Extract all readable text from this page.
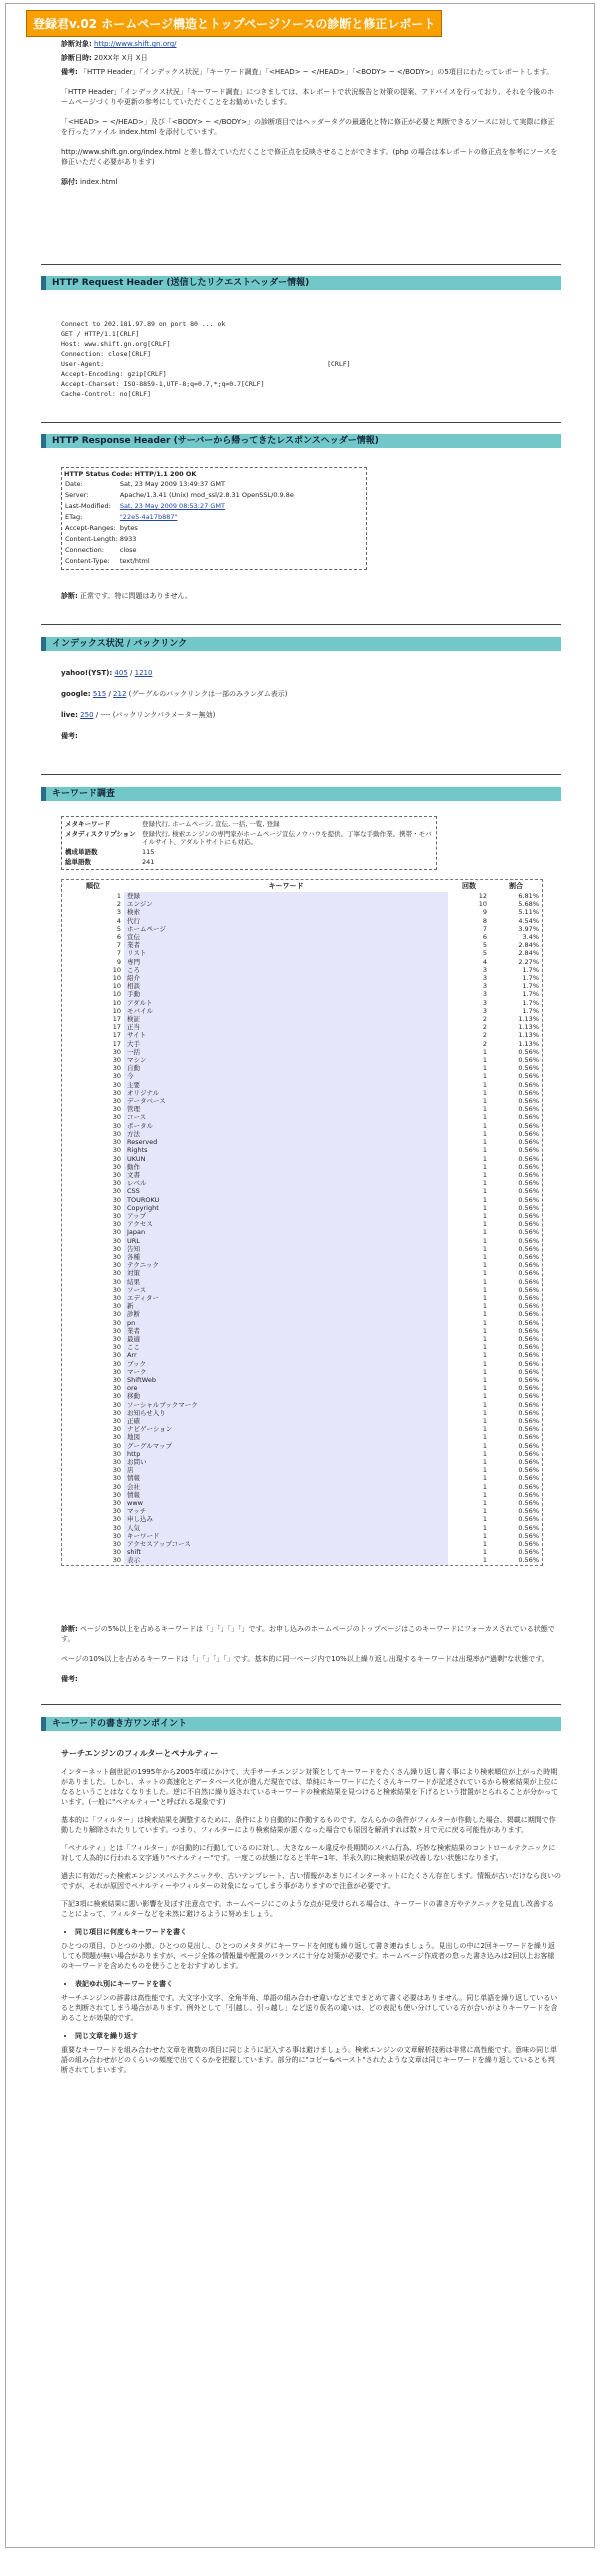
登録君v.02 ホームページ構造とトップページソースの診断と修正レポート
診断対象: http://www.shift.gn.org/
診断日時: 20XX年 X月 X日
備考: 「HTTP Header」「インデックス状況」「キーワード調査」「<HEAD> ~ </HEAD>」「<BODY> ~ </BODY>」の5項目にわたってレポートします。
「HTTP Header」「インデックス状況」「キーワード調査」につきましては、本レポートで状況報告と対策の提案、アドバイスを行っており、それを今後のホームページづくりや更新の参考にしていただくことをお勧めいたします。
「<HEAD> ~ </HEAD>」及び「<BODY> ~ </BODY>」の診断項目ではヘッダータグの最適化と特に修正が必要と判断できるソースに対して実際に修正を行ったファイル index.html を添付しています。
http://www.shift.gn.org/index.html と差し替えていただくことで修正点を反映させることができます。(php の場合は本レポートの修正点を参考にソースを修正いただく必要があります)
添付: index.html
HTTP Request Header (送信したリクエストヘッダー情報)
Connect to 202.181.97.89 on port 80 ... ok
GET / HTTP/1.1[CRLF]
Host: www.shift.gn.org[CRLF]
Connection: close[CRLF]
User-Agent:                                                         [CRLF]
Accept-Encoding: gzip[CRLF]
Accept-Charset: ISO-8859-1,UTF-8;q=0.7,*;q=0.7[CRLF]
Cache-Control: no[CRLF]
HTTP Response Header (サーバーから帰ってきたレスポンスヘッダー情報)
HTTP Status Code: HTTP/1.1 200 OK
Date:	Sat, 23 May 2009 13:49:37 GMT
Server:	Apache/1.3.41 (Unix) mod_ssl/2.8.31 OpenSSL/0.9.8e
Last-Modified:	Sat, 23 May 2009 08:53:27 GMT
ETag:	"22e5-4a17b887"
Accept-Ranges:	bytes
Content-Length:	8933
Connection:	close
Content-Type:	text/html
診断: 正常です。特に問題はありません。
インデックス状況 / バックリンク
yahoo!(YST): 405 / 1210
google: 515 / 212 (グーグルのバックリンクは一部のみランダム表示)
live: 250 / ---- (バックリンクパラメーター無効)
備考:
キーワード調査
メタキーワード	登録代行, ホームページ, 宣伝, 一括, 一覧, 登録
メタディスクリプション	登録代行, 検索エンジンの専門家がホームページ宣伝ノウハウを提供。丁寧な手動作業。携帯・モバイルサイト、アダルトサイトにも対応。
構成単語数	115
総単語数	241
順位	キーワード	回数	割合
1	登録	12	6.81%
2	エンジン	10	5.68%
3	検索	9	5.11%
4	代行	8	4.54%
5	ホームページ	7	3.97%
6	宣伝	6	3.4%
7	業者	5	2.84%
7	リスト	5	2.84%
9	専門	4	2.27%
10	ころ	3	1.7%
10	紹介	3	1.7%
10	相談	3	1.7%
10	手動	3	1.7%
10	アダルト	3	1.7%
10	モバイル	3	1.7%
17	検証	2	1.13%
17	正当	2	1.13%
17	サイト	2	1.13%
17	大手	2	1.13%
30	一括	1	0.56%
30	マシン	1	0.56%
30	自動	1	0.56%
30	今	1	0.56%
30	主要	1	0.56%
30	オリジナル	1	0.56%
30	データベース	1	0.56%
30	管理	1	0.56%
30	コース	1	0.56%
30	ポータル	1	0.56%
30	方法	1	0.56%
30	Reserved	1	0.56%
30	Rights	1	0.56%
30	UKUN	1	0.56%
30	動作	1	0.56%
30	文書	1	0.56%
30	レベル	1	0.56%
30	CSS	1	0.56%
30	TOUROKU	1	0.56%
30	Copyright	1	0.56%
30	アップ	1	0.56%
30	アクセス	1	0.56%
30	Japan	1	0.56%
30	URL	1	0.56%
30	告知	1	0.56%
30	各種	1	0.56%
30	テクニック	1	0.56%
30	対策	1	0.56%
30	結果	1	0.56%
30	ソース	1	0.56%
30	エディター	1	0.56%
30	新	1	0.56%
30	診断	1	0.56%
30	pn	1	0.56%
30	業者	1	0.56%
30	最適	1	0.56%
30	ここ	1	0.56%
30	Arr	1	0.56%
30	ブック	1	0.56%
30	マーク	1	0.56%
30	ShiftWeb	1	0.56%
30	ore	1	0.56%
30	移動	1	0.56%
30	ソーシャルブックマーク	1	0.56%
30	お知らせ入り	1	0.56%
30	正確	1	0.56%
30	ナビゲーション	1	0.56%
30	地図	1	0.56%
30	グーグルマップ	1	0.56%
30	http	1	0.56%
30	お問い	1	0.56%
30	店	1	0.56%
30	情報	1	0.56%
30	会社	1	0.56%
30	情報	1	0.56%
30	www	1	0.56%
30	マッチ	1	0.56%
30	申し込み	1	0.56%
30	人気	1	0.56%
30	キーワード	1	0.56%
30	アクセスアップコース	1	0.56%
30	shift	1	0.56%
30	表示	1	0.56%
診断: ページの5%以上を占めるキーワードは「」「」「」「」です。お申し込みのホームページのトップページはこのキーワードにフォーカスされている状態です。
ページの10%以上を占めるキーワードは「」「」「」「」です。基本的に同一ページ内で10%以上繰り返し出現するキーワードは出現率が"過剰"な状態です。
備考:
キーワードの書き方ワンポイント
サーチエンジンのフィルターとペナルティー
インターネット創世記の1995年から2005年頃にかけて、大手サーチエンジン対策としてキーワードをたくさん繰り返し書く事により検索順位が上がった時期がありました。しかし、ネットの高速化とデータベース化が進んだ現在では、単純にキーワードにたくさんキーワードが記述されているから検索結果が上位になるということはなくなりました。逆に不自然に繰り返されているキーワードの検索結果を見つけると検索結果を下げるという措置がとられることが分かっています。(一般に"ペナルティー"と呼ばれる現象です)
基本的に「フィルター」は検索結果を調整するために、条件により自動的に作動するものです。なんらかの条件がフィルターが作動した場合、掲載に期間で作動したり解除されたりしています。つまり、フィルターにより検索結果が悪くなった場合でも原因を解消すれば数ヶ月で元に戻る可能性があります。
「ペナルティ」とは「フィルター」が自動的に行動しているのに対し、大きなルール違反や長期間のスパム行為、巧妙な検索結果のコントロールテクニックに対して人為的に行われる文字通り"ペナルティー"です。一度この状態になると半年~1年、半永久的に検索結果が改善しない状態になります。
過去に有効だった検索エンジンスパムテクニックや、古いテンプレート、古い情報があまりにインターネットにたくさん存在します。情報が古いだけなら良いのですが、それが原因でペナルティーやフィルターの対象になってしまう事がありますので注意が必要です。
下記3項に検索結果に悪い影響を及ぼす注意点です。ホームページにこのような点が見受けられる場合は、キーワードの書き方やテクニックを見直し改善することによって、フィルターなどを未然に避けるように努めましょう。
• 同じ項目に何度もキーワードを書く
ひとつの項目、ひとつの小節、ひとつの見出し、ひとつのメタタグにキーワードを何度も繰り返して書き連ねましょう。見出しの中に2回キーワードを繰り返しても問題が無い場合がありますが、ページ全体の情報量や配置のバランスに十分な対策が必要です。ホームページ作成者の怠った書き込みは2回以上お客様のキーワードを含めたものを使うことをおすすめします。
• 表記ゆれ別にキーワードを書く
サーチエンジンの辞書は高性能です。大文字小文字、全角半角、単語の組み合わせ違いなどまでまとめて書く必要はありません。同じ単語を繰り返しているいると判断されてしまう場合があります。例外として「引越し、引っ越し」など送り仮名の違いは、どの表記も使い分けしている方が合いがよりキーワードを含めることが効果的です。
• 同じ文章を繰り返す
重要なキーワードを組み合わせた文章を複数の項目に同じように記入する事は避けましょう。検索エンジンの文章解析技術は非常に高性能です。意味の同じ単語の組み合わせがどのくらいの頻度で出てくるかを把握しています。部分的に"コピー&ペースト"されたような文章は同じキーワードを繰り返しているとも判断されてしまいます。
